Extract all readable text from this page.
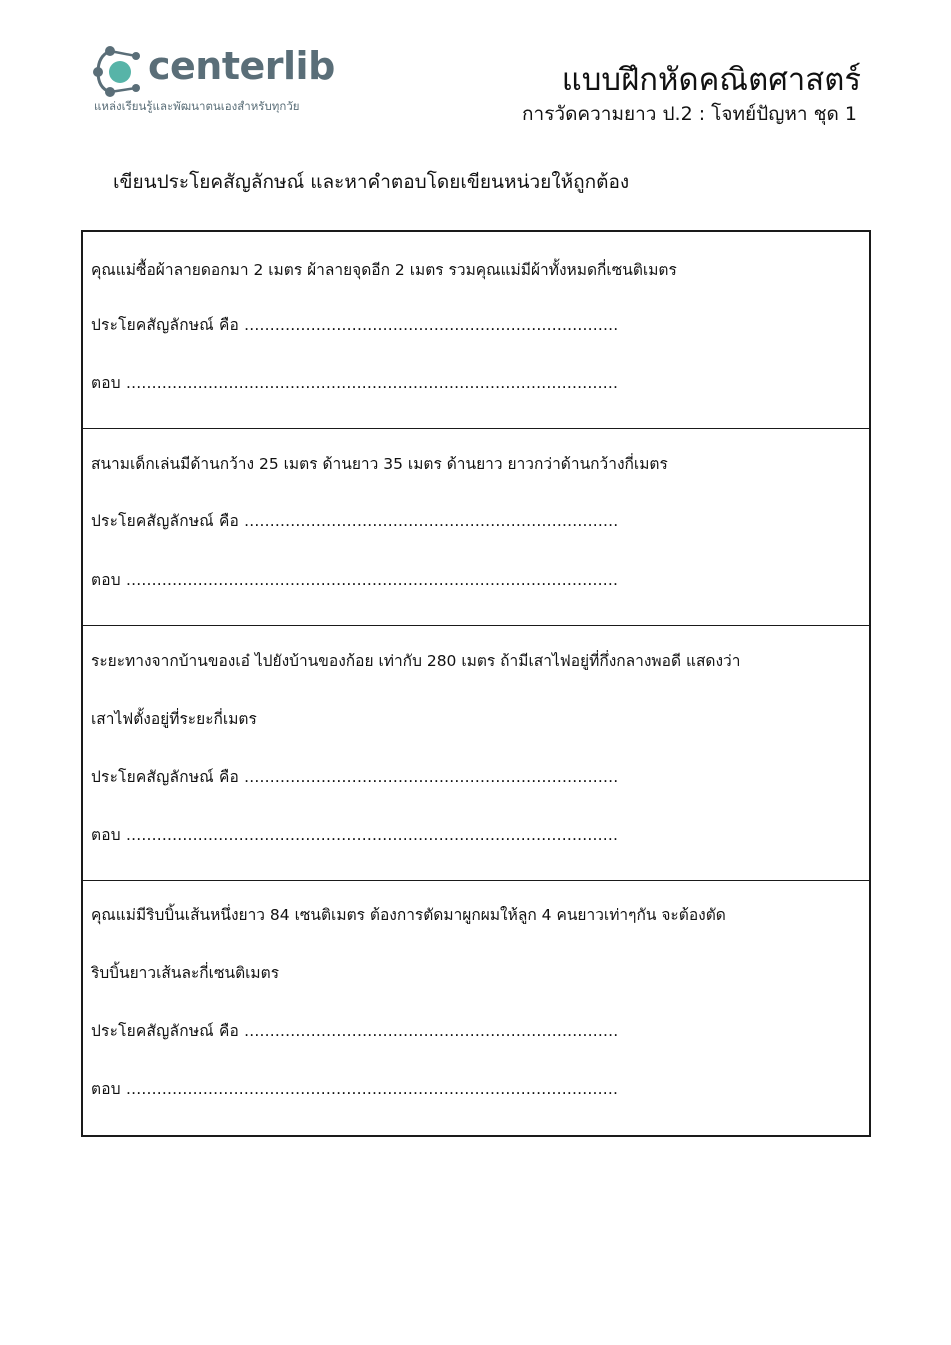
centerlib
แหล่งเรียนรู้และพัฒนาตนเองสำหรับทุกวัย
แบบฝึกหัดคณิตศาสตร์
การวัดความยาว ป.2 : โจทย์ปัญหา ชุด 1
เขียนประโยคสัญลักษณ์ และหาคำตอบโดยเขียนหน่วยให้ถูกต้อง
คุณแม่ซื้อผ้าลายดอกมา 2 เมตร ผ้าลายจุดอีก 2 เมตร รวมคุณแม่มีผ้าทั้งหมดกี่เซนติเมตร
ประโยคสัญลักษณ์ คือ .........................................................................
ตอบ ................................................................................................
สนามเด็กเล่นมีด้านกว้าง 25 เมตร ด้านยาว 35 เมตร ด้านยาว ยาวกว่าด้านกว้างกี่เมตร
ประโยคสัญลักษณ์ คือ .........................................................................
ตอบ ................................................................................................
ระยะทางจากบ้านของเอ๋ ไปยังบ้านของก้อย เท่ากับ 280 เมตร ถ้ามีเสาไฟอยู่ที่กึ่งกลางพอดี แสดงว่า
เสาไฟตั้งอยู่ที่ระยะกี่เมตร
ประโยคสัญลักษณ์ คือ .........................................................................
ตอบ ................................................................................................
คุณแม่มีริบบิ้นเส้นหนึ่งยาว 84 เซนติเมตร ต้องการตัดมาผูกผมให้ลูก 4 คนยาวเท่าๆกัน จะต้องตัด
ริบบิ้นยาวเส้นละกี่เซนติเมตร
ประโยคสัญลักษณ์ คือ .........................................................................
ตอบ ................................................................................................
